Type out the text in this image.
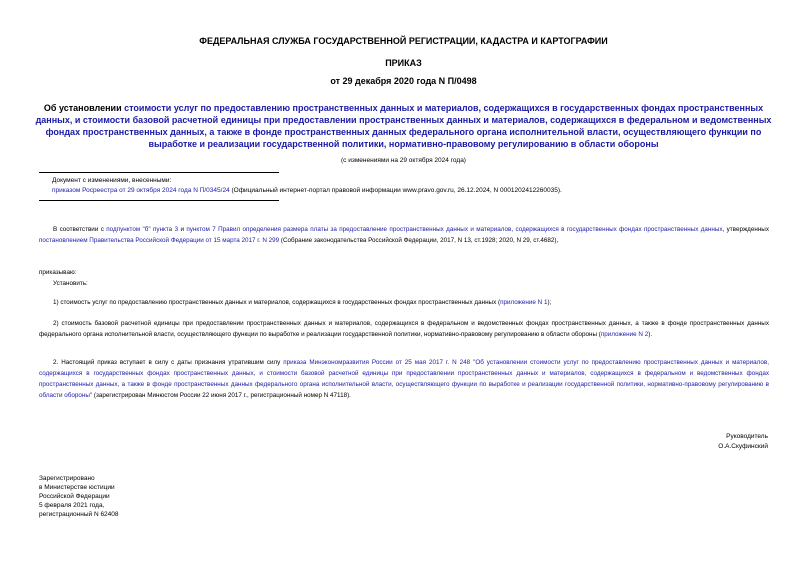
ФЕДЕРАЛЬНАЯ СЛУЖБА ГОСУДАРСТВЕННОЙ РЕГИСТРАЦИИ, КАДАСТРА И КАРТОГРАФИИ
ПРИКАЗ
от 29 декабря 2020 года N П/0498
Об установлении стоимости услуг по предоставлению пространственных данных и материалов, содержащихся в государственных фондах пространственных данных, и стоимости базовой расчетной единицы при предоставлении пространственных данных и материалов, содержащихся в федеральном и ведомственных фондах пространственных данных, а также в фонде пространственных данных федерального органа исполнительной власти, осуществляющего функции по выработке и реализации государственной политики, нормативно-правовому регулированию в области обороны
(с изменениями на 29 октября 2024 года)
Документ с изменениями, внесенными:
приказом Росреестра от 29 октября 2024 года N П/0345/24 (Официальный интернет-портал правовой информации www.pravo.gov.ru, 26.12.2024, N 0001202412260035).
В соответствии с подпунктом "б" пункта 3 и пунктом 7 Правил определения размера платы за предоставление пространственных данных и материалов, содержащихся в государственных фондах пространственных данных, утвержденных постановлением Правительства Российской Федерации от 15 марта 2017 г. N 299 (Собрание законодательства Российской Федерации, 2017, N 13, ст.1928; 2020, N 29, ст.4682),
приказываю:
Установить:
1) стоимость услуг по предоставлению пространственных данных и материалов, содержащихся в государственных фондах пространственных данных (приложение N 1);
2) стоимость базовой расчетной единицы при предоставлении пространственных данных и материалов, содержащихся в федеральном и ведомственных фондах пространственных данных, а также в фонде пространственных данных федерального органа исполнительной власти, осуществляющего функции по выработке и реализации государственной политики, нормативно-правовому регулированию в области обороны (приложение N 2).
2. Настоящий приказ вступает в силу с даты признания утратившим силу приказа Минэкономразвития России от 25 мая 2017 г. N 248 "Об установлении стоимости услуг по предоставлению пространственных данных и материалов, содержащихся в государственных фондах пространственных данных, и стоимости базовой расчетной единицы при предоставлении пространственных данных и материалов, содержащихся в федеральном и ведомственных фондах пространственных данных, а также в фонде пространственных данных федерального органа исполнительной власти, осуществляющего функции по выработке и реализации государственной политики, нормативно-правовому регулированию в области обороны" (зарегистрирован Минюстом России 22 июня 2017 г., регистрационный номер N 47118).
Руководитель
О.А.Скуфинский
Зарегистрировано
в Министерстве юстиции
Российской Федерации
5 февраля 2021 года,
регистрационный N 62408
